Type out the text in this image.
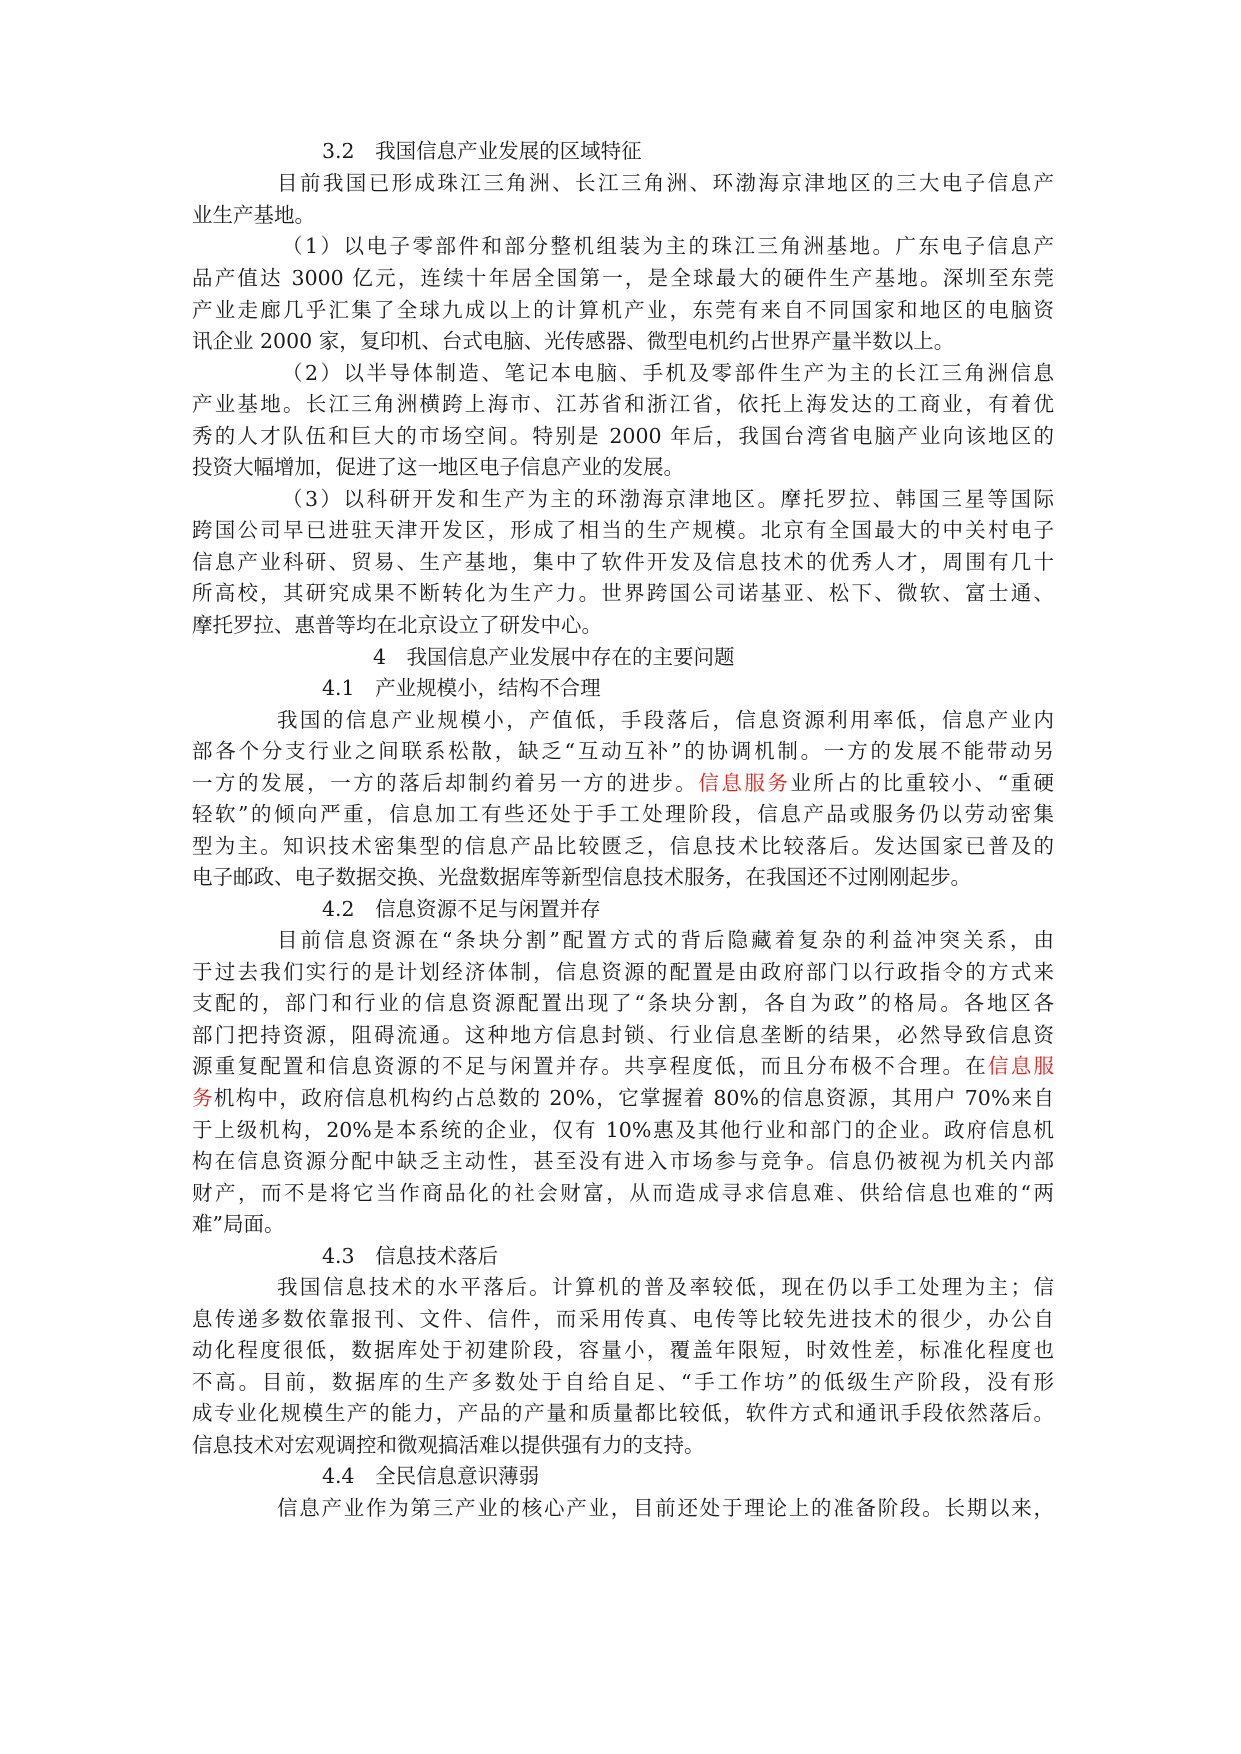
3.2　我国信息产业发展的区域特征

目前我国已形成珠江三角洲、长江三角洲、环渤海京津地区的三大电子信息产

业生产基地。

（1）以电子零部件和部分整机组装为主的珠江三角洲基地。广东电子信息产

品产值达 3000 亿元，连续十年居全国第一，是全球最大的硬件生产基地。深圳至东莞

产业走廊几乎汇集了全球九成以上的计算机产业，东莞有来自不同国家和地区的电脑资

讯企业 2000 家，复印机、台式电脑、光传感器、微型电机约占世界产量半数以上。

（2）以半导体制造、笔记本电脑、手机及零部件生产为主的长江三角洲信息

产业基地。长江三角洲横跨上海市、江苏省和浙江省，依托上海发达的工商业，有着优

秀的人才队伍和巨大的市场空间。特别是 2000 年后，我国台湾省电脑产业向该地区的

投资大幅增加，促进了这一地区电子信息产业的发展。

（3）以科研开发和生产为主的环渤海京津地区。摩托罗拉、韩国三星等国际

跨国公司早已进驻天津开发区，形成了相当的生产规模。北京有全国最大的中关村电子

信息产业科研、贸易、生产基地，集中了软件开发及信息技术的优秀人才，周围有几十

所高校，其研究成果不断转化为生产力。世界跨国公司诺基亚、松下、微软、富士通、

摩托罗拉、惠普等均在北京设立了研发中心。

4　我国信息产业发展中存在的主要问题

4.1　产业规模小，结构不合理

我国的信息产业规模小，产值低，手段落后，信息资源利用率低，信息产业内

部各个分支行业之间联系松散，缺乏“互动互补”的协调机制。一方的发展不能带动另

一方的发展，一方的落后却制约着另一方的进步。信息服务业所占的比重较小、“重硬

轻软”的倾向严重，信息加工有些还处于手工处理阶段，信息产品或服务仍以劳动密集

型为主。知识技术密集型的信息产品比较匮乏，信息技术比较落后。发达国家已普及的

电子邮政、电子数据交换、光盘数据库等新型信息技术服务，在我国还不过刚刚起步。

4.2　信息资源不足与闲置并存

目前信息资源在“条块分割”配置方式的背后隐藏着复杂的利益冲突关系，由

于过去我们实行的是计划经济体制，信息资源的配置是由政府部门以行政指令的方式来

支配的，部门和行业的信息资源配置出现了“条块分割，各自为政”的格局。各地区各

部门把持资源，阻碍流通。这种地方信息封锁、行业信息垄断的结果，必然导致信息资

源重复配置和信息资源的不足与闲置并存。共享程度低，而且分布极不合理。在信息服

务机构中，政府信息机构约占总数的 20%，它掌握着 80%的信息资源，其用户 70%来自

于上级机构，20%是本系统的企业，仅有 10%惠及其他行业和部门的企业。政府信息机

构在信息资源分配中缺乏主动性，甚至没有进入市场参与竞争。信息仍被视为机关内部

财产，而不是将它当作商品化的社会财富，从而造成寻求信息难、供给信息也难的“两

难”局面。

4.3　信息技术落后

我国信息技术的水平落后。计算机的普及率较低，现在仍以手工处理为主；信

息传递多数依靠报刊、文件、信件，而采用传真、电传等比较先进技术的很少，办公自

动化程度很低，数据库处于初建阶段，容量小，覆盖年限短，时效性差，标准化程度也

不高。目前，数据库的生产多数处于自给自足、“手工作坊”的低级生产阶段，没有形

成专业化规模生产的能力，产品的产量和质量都比较低，软件方式和通讯手段依然落后。

信息技术对宏观调控和微观搞活难以提供强有力的支持。

4.4　全民信息意识薄弱

信息产业作为第三产业的核心产业，目前还处于理论上的准备阶段。长期以来，
